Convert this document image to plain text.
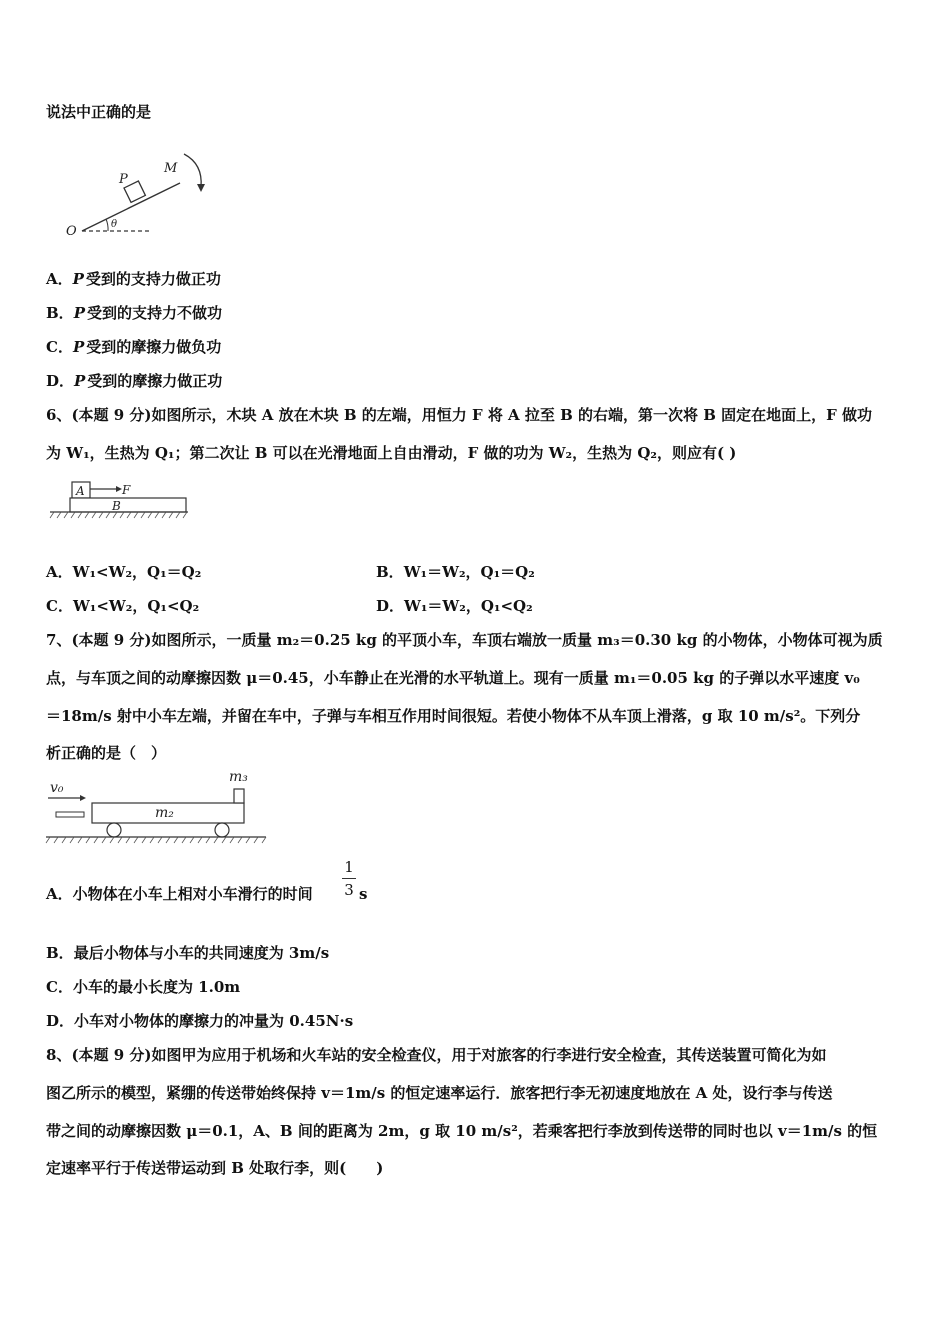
说法中正确的是
P
M
O	θ
A．P 受到的支持力做正功
B．P 受到的支持力不做功
C．P 受到的摩擦力做负功
D．P 受到的摩擦力做正功
6、(本题 9 分)如图所示，木块 A 放在木块 B 的左端，用恒力 F 将 A 拉至 B 的右端，第一次将 B 固定在地面上，F 做功
为 W₁，生热为 Q₁；第二次让 B 可以在光滑地面上自由滑动，F 做的功为 W₂，生热为 Q₂，则应有( )
A	F
B
A．W₁<W₂，Q₁＝Q₂	B．W₁＝W₂，Q₁＝Q₂
C．W₁<W₂，Q₁<Q₂	D．W₁＝W₂，Q₁<Q₂
7、(本题 9 分)如图所示，一质量 m₂＝0.25 kg 的平顶小车，车顶右端放一质量 m₃＝0.30 kg 的小物体，小物体可视为质
点，与车顶之间的动摩擦因数 μ＝0.45，小车静止在光滑的水平轨道上。现有一质量 m₁＝0.05 kg 的子弹以水平速度 v₀
＝18m/s 射中小车左端，并留在车中，子弹与车相互作用时间很短。若使小物体不从车顶上滑落，g 取 10 m/s²。下列分
析正确的是（　）
v₀
m₂
m₃
A．小物体在小车上相对小车滑行的时间
1
3 s
B．最后小物体与小车的共同速度为 3m/s
C．小车的最小长度为 1.0m
D．小车对小物体的摩擦力的冲量为 0.45N·s
8、(本题 9 分)如图甲为应用于机场和火车站的安全检查仪，用于对旅客的行李进行安全检查，其传送装置可简化为如
图乙所示的模型，紧绷的传送带始终保持 v＝1m/s 的恒定速率运行．旅客把行李无初速度地放在 A 处，设行李与传送
带之间的动摩擦因数 μ＝0.1，A、B 间的距离为 2m，g 取 10 m/s²，若乘客把行李放到传送带的同时也以 v＝1m/s 的恒
定速率平行于传送带运动到 B 处取行李，则(　　)
